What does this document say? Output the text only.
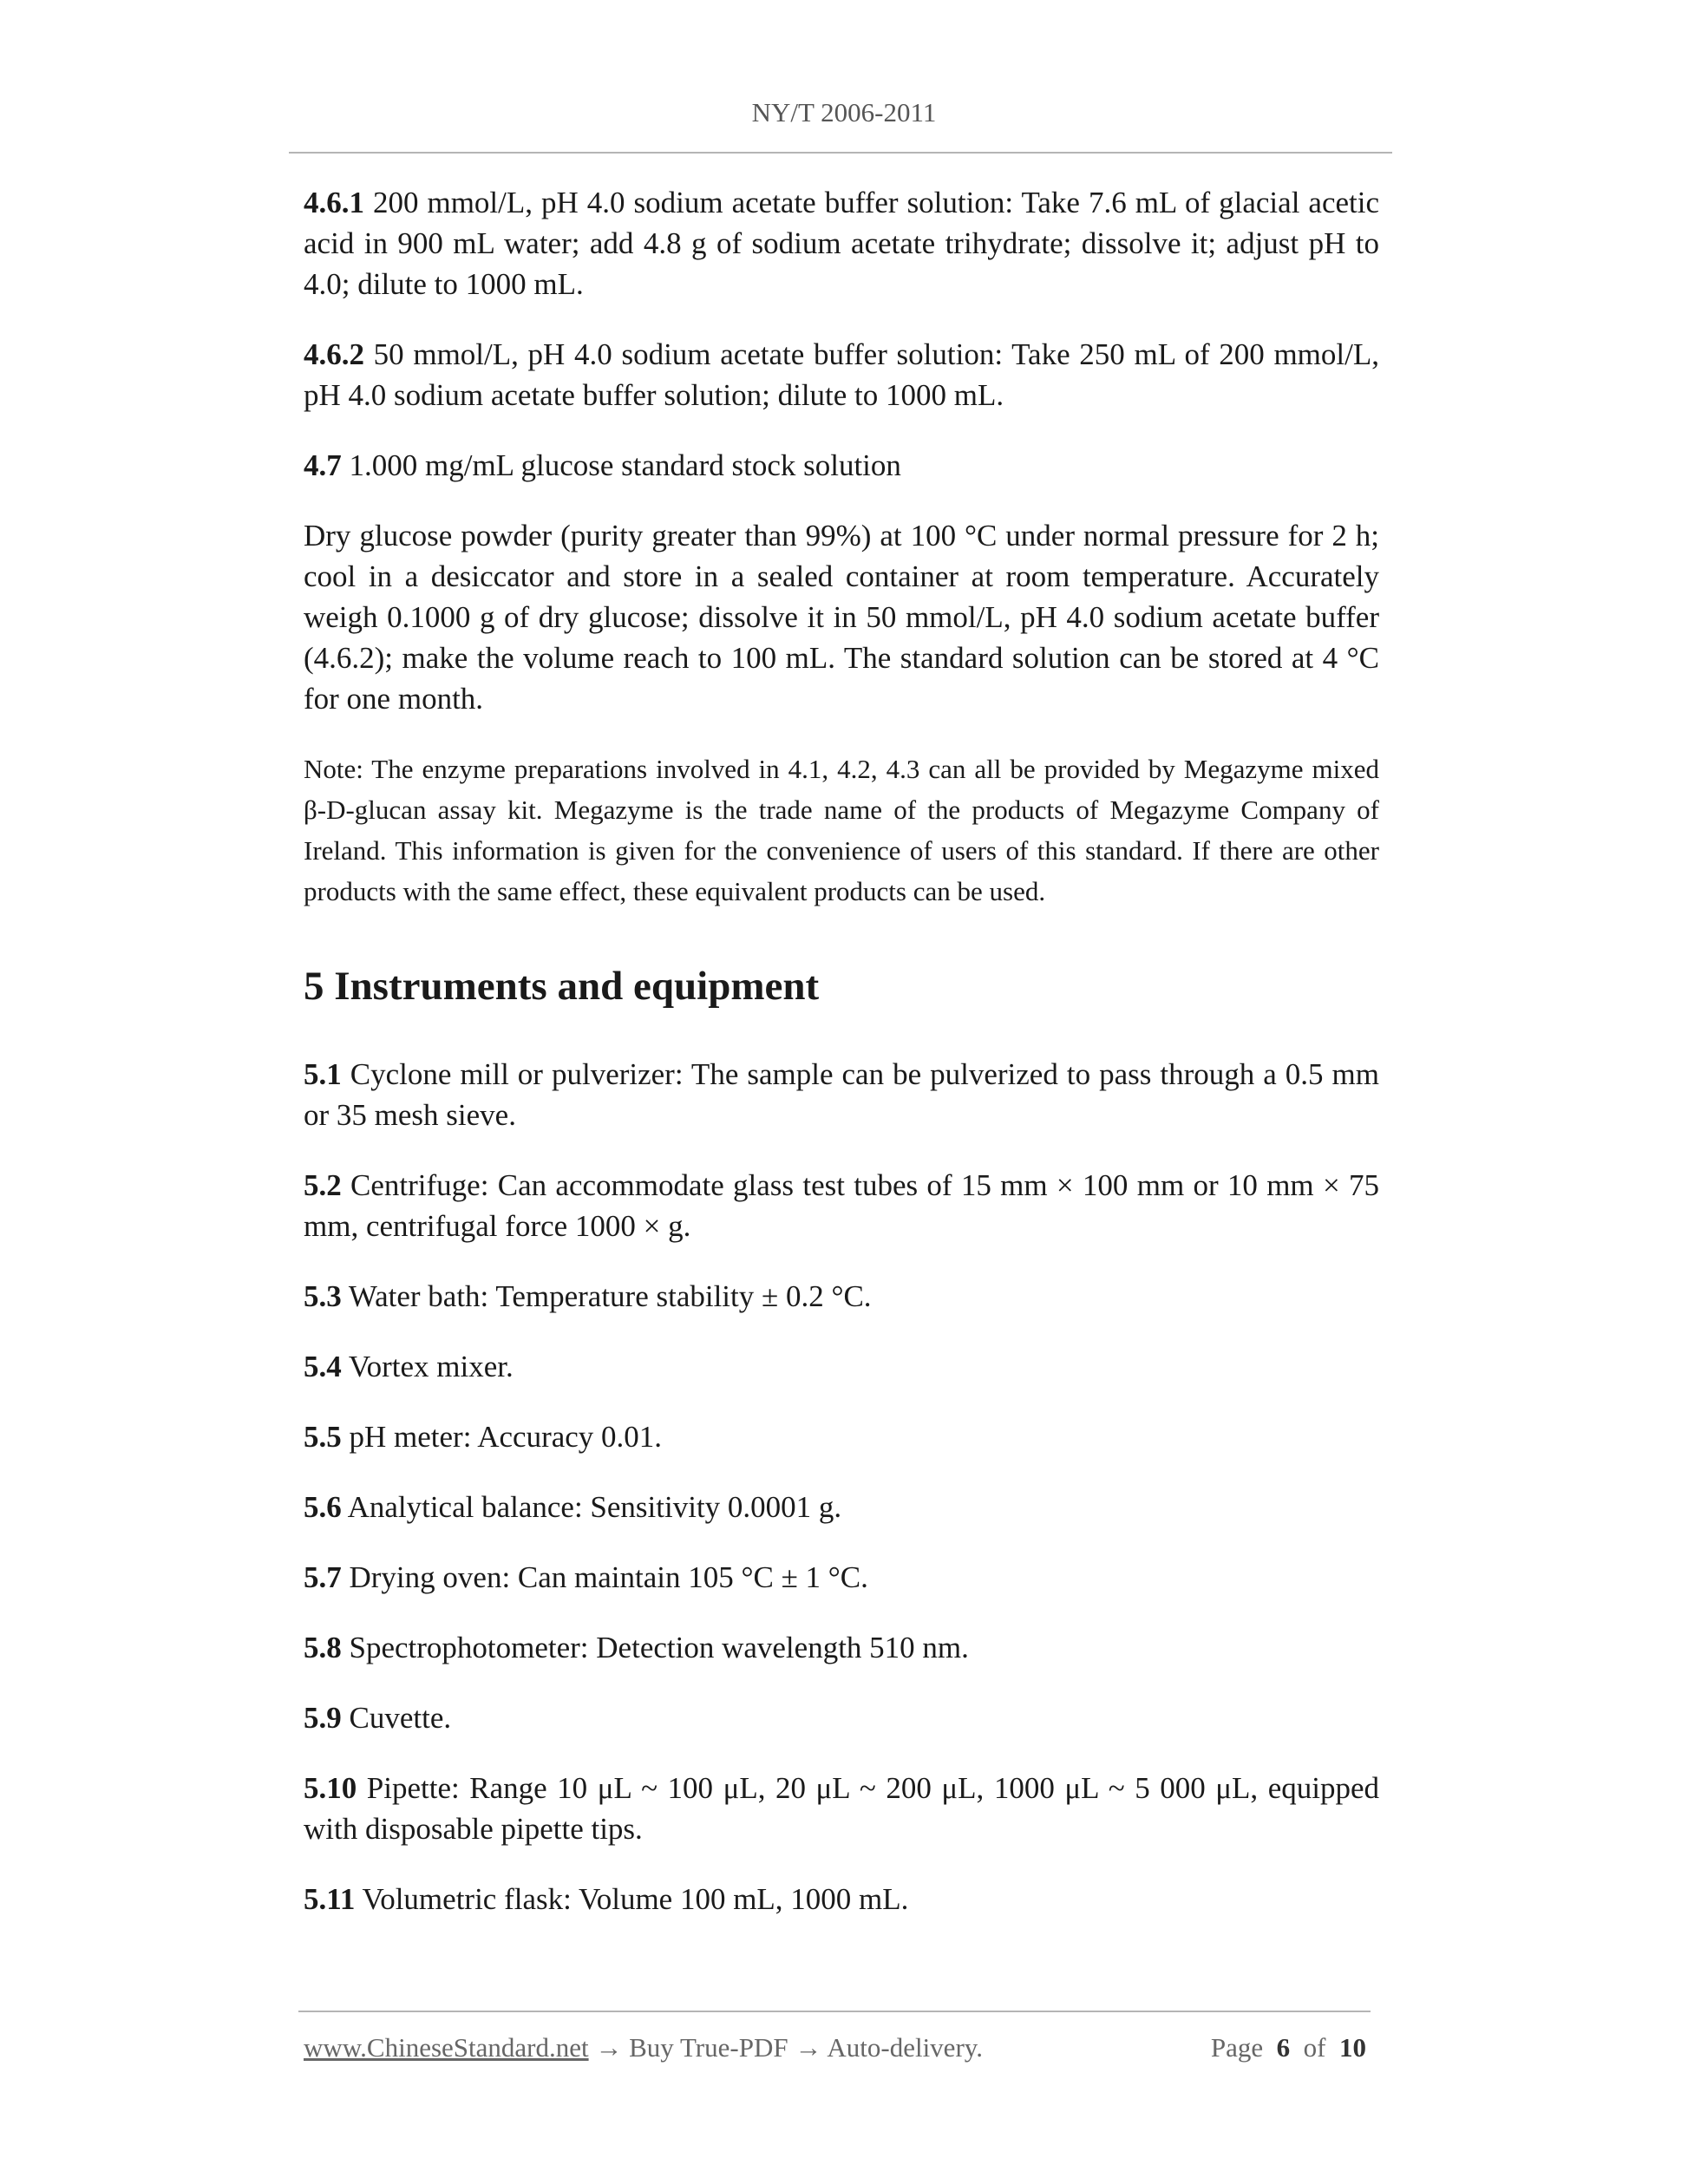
NY/T 2006-2011

4.6.1 200 mmol/L, pH 4.0 sodium acetate buffer solution: Take 7.6 mL of glacial acetic acid in 900 mL water; add 4.8 g of sodium acetate trihydrate; dissolve it; adjust pH to 4.0; dilute to 1000 mL.

4.6.2 50 mmol/L, pH 4.0 sodium acetate buffer solution: Take 250 mL of 200 mmol/L, pH 4.0 sodium acetate buffer solution; dilute to 1000 mL.

4.7 1.000 mg/mL glucose standard stock solution

Dry glucose powder (purity greater than 99%) at 100 °C under normal pressure for 2 h; cool in a desiccator and store in a sealed container at room temperature. Accurately weigh 0.1000 g of dry glucose; dissolve it in 50 mmol/L, pH 4.0 sodium acetate buffer (4.6.2); make the volume reach to 100 mL. The standard solution can be stored at 4 °C for one month.

Note: The enzyme preparations involved in 4.1, 4.2, 4.3 can all be provided by Megazyme mixed β-D-glucan assay kit. Megazyme is the trade name of the products of Megazyme Company of Ireland. This information is given for the convenience of users of this standard. If there are other products with the same effect, these equivalent products can be used.

5 Instruments and equipment

5.1 Cyclone mill or pulverizer: The sample can be pulverized to pass through a 0.5 mm or 35 mesh sieve.

5.2 Centrifuge: Can accommodate glass test tubes of 15 mm × 100 mm or 10 mm × 75 mm, centrifugal force 1000 × g.

5.3 Water bath: Temperature stability ± 0.2 °C.

5.4 Vortex mixer.

5.5 pH meter: Accuracy 0.01.

5.6 Analytical balance: Sensitivity 0.0001 g.

5.7 Drying oven: Can maintain 105 °C ± 1 °C.

5.8 Spectrophotometer: Detection wavelength 510 nm.

5.9 Cuvette.

5.10 Pipette: Range 10 μL ~ 100 μL, 20 μL ~ 200 μL, 1000 μL ~ 5 000 μL, equipped with disposable pipette tips.

5.11 Volumetric flask: Volume 100 mL, 1000 mL.

www.ChineseStandard.net → Buy True-PDF → Auto-delivery.	Page 6 of 10
